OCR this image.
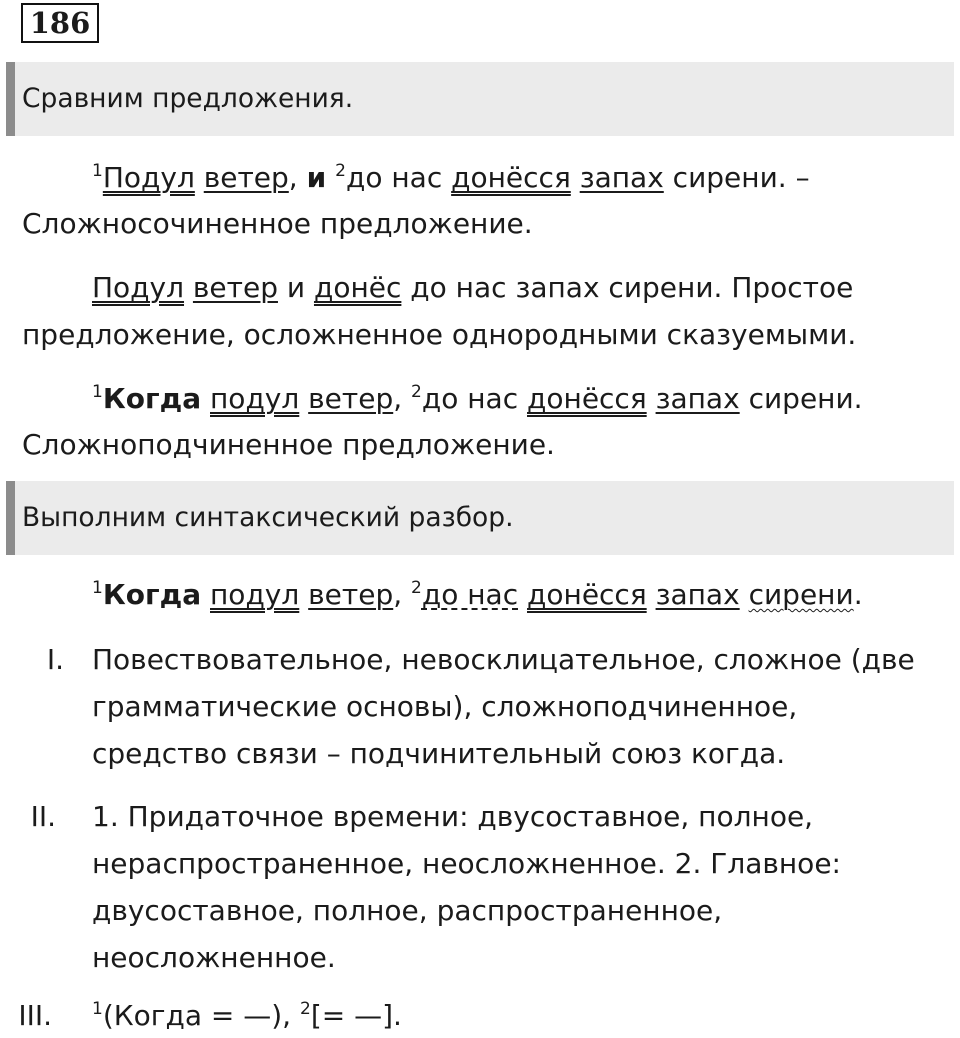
186
Сравним предложения.
$^1$Подул ветер, и $^2$до нас донёсся запах сирени. –
Сложносочиненное предложение.
Подул ветер и донёс до нас запах сирени. Простое
предложение, осложненное однородными сказуемыми.
$^1$Когда подул ветер, $^2$до нас донёсся запах сирени.
Сложноподчиненное предложение.
Выполним синтаксический разбор.
$^1$Когда подул ветер, $^2$до нас донёсся запах сирени.
I. Повествовательное, невосклицательное, сложное (две
грамматические основы), сложноподчиненное,
средство связи – подчинительный союз когда.
II. 1. Придаточное времени: двусоставное, полное,
нераспространенное, неосложненное. 2. Главное:
двусоставное, полное, распространенное,
неосложненное.
III. $^1$(Когда = —), $^2$[= —].
